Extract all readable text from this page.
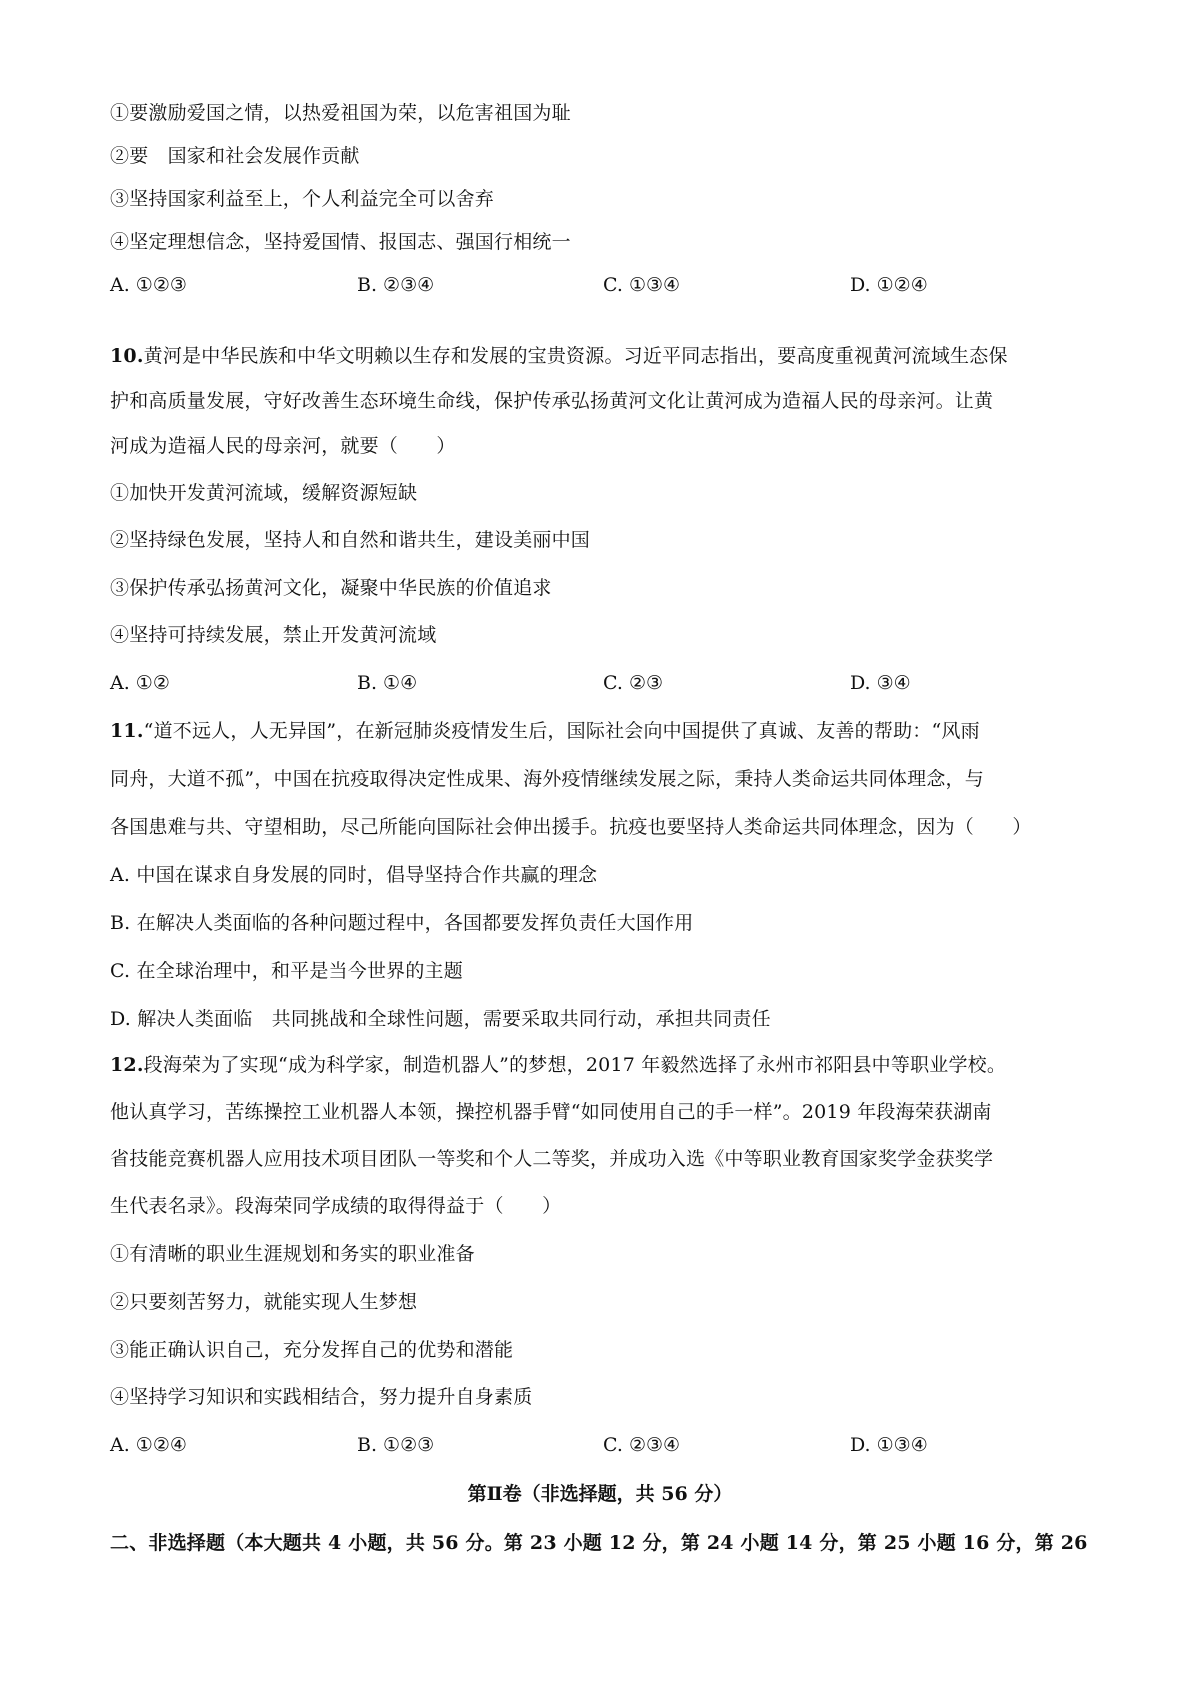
①要激励爱国之情，以热爱祖国为荣，以危害祖国为耻
②要　国家和社会发展作贡献
③坚持国家利益至上，个人利益完全可以舍弃
④坚定理想信念，坚持爱国情、报国志、强国行相统一
A. ①②③	B. ②③④	C. ①③④	D. ①②④
10.黄河是中华民族和中华文明赖以生存和发展的宝贵资源。习近平同志指出，要高度重视黄河流域生态保
护和高质量发展，守好改善生态环境生命线，保护传承弘扬黄河文化让黄河成为造福人民的母亲河。让黄
河成为造福人民的母亲河，就要（　　）
①加快开发黄河流域，缓解资源短缺
②坚持绿色发展，坚持人和自然和谐共生，建设美丽中国
③保护传承弘扬黄河文化，凝聚中华民族的价值追求
④坚持可持续发展，禁止开发黄河流域
A. ①②	B. ①④	C. ②③	D. ③④
11.“道不远人，人无异国”，在新冠肺炎疫情发生后，国际社会向中国提供了真诚、友善的帮助：“风雨
同舟，大道不孤”，中国在抗疫取得决定性成果、海外疫情继续发展之际，秉持人类命运共同体理念，与
各国患难与共、守望相助，尽己所能向国际社会伸出援手。抗疫也要坚持人类命运共同体理念，因为（　　）
A. 中国在谋求自身发展的同时，倡导坚持合作共赢的理念
B. 在解决人类面临的各种问题过程中，各国都要发挥负责任大国作用
C. 在全球治理中，和平是当今世界的主题
D. 解决人类面临　共同挑战和全球性问题，需要采取共同行动，承担共同责任
12.段海荣为了实现“成为科学家，制造机器人”的梦想，2017 年毅然选择了永州市祁阳县中等职业学校。
他认真学习，苦练操控工业机器人本领，操控机器手臂“如同使用自己的手一样”。2019 年段海荣获湖南
省技能竞赛机器人应用技术项目团队一等奖和个人二等奖，并成功入选《中等职业教育国家奖学金获奖学
生代表名录》。段海荣同学成绩的取得得益于（　　）
①有清晰的职业生涯规划和务实的职业准备
②只要刻苦努力，就能实现人生梦想
③能正确认识自己，充分发挥自己的优势和潜能
④坚持学习知识和实践相结合，努力提升自身素质
A. ①②④	B. ①②③	C. ②③④	D. ①③④
第Ⅱ卷（非选择题，共 56 分）
二、非选择题（本大题共 4 小题，共 56 分。第 23 小题 12 分，第 24 小题 14 分，第 25 小题 16 分，第 26
